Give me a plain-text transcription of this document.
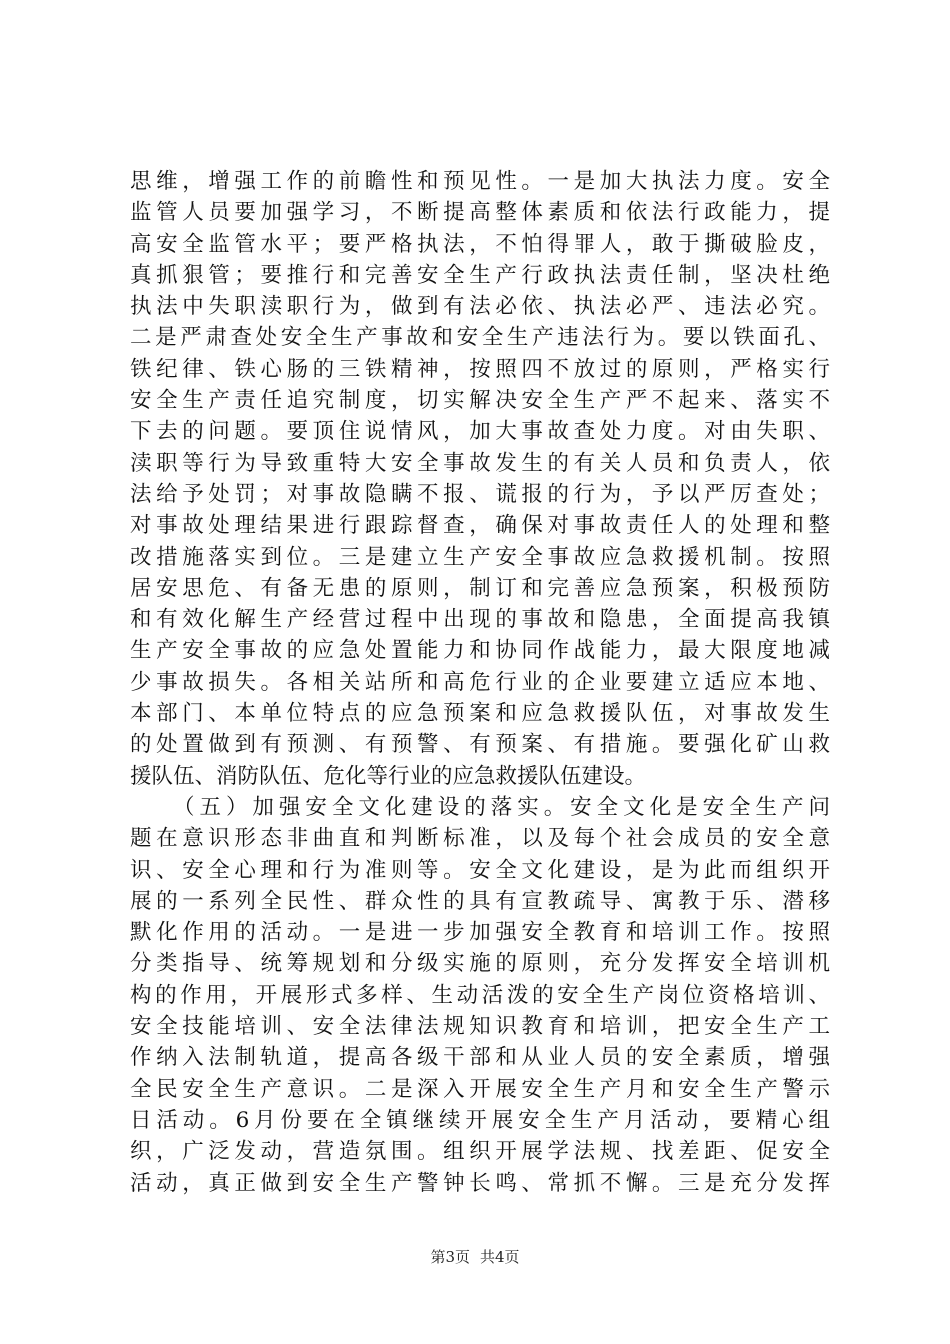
思维，增强工作的前瞻性和预见性。一是加大执法力度。安全
监管人员要加强学习，不断提高整体素质和依法行政能力，提
高安全监管水平；要严格执法，不怕得罪人，敢于撕破脸皮，
真抓狠管；要推行和完善安全生产行政执法责任制，坚决杜绝
执法中失职渎职行为，做到有法必依、执法必严、违法必究。
二是严肃查处安全生产事故和安全生产违法行为。要以铁面孔、
铁纪律、铁心肠的三铁精神，按照四不放过的原则，严格实行
安全生产责任追究制度，切实解决安全生产严不起来、落实不
下去的问题。要顶住说情风，加大事故查处力度。对由失职、
渎职等行为导致重特大安全事故发生的有关人员和负责人，依
法给予处罚；对事故隐瞒不报、谎报的行为，予以严厉查处；
对事故处理结果进行跟踪督查，确保对事故责任人的处理和整
改措施落实到位。三是建立生产安全事故应急救援机制。按照
居安思危、有备无患的原则，制订和完善应急预案，积极预防
和有效化解生产经营过程中出现的事故和隐患，全面提高我镇
生产安全事故的应急处置能力和协同作战能力，最大限度地减
少事故损失。各相关站所和高危行业的企业要建立适应本地、
本部门、本单位特点的应急预案和应急救援队伍，对事故发生
的处置做到有预测、有预警、有预案、有措施。要强化矿山救
援队伍、消防队伍、危化等行业的应急救援队伍建设。
（五）加强安全文化建设的落实。安全文化是安全生产问
题在意识形态非曲直和判断标准，以及每个社会成员的安全意
识、安全心理和行为准则等。安全文化建设，是为此而组织开
展的一系列全民性、群众性的具有宣教疏导、寓教于乐、潜移
默化作用的活动。一是进一步加强安全教育和培训工作。按照
分类指导、统筹规划和分级实施的原则，充分发挥安全培训机
构的作用，开展形式多样、生动活泼的安全生产岗位资格培训、
安全技能培训、安全法律法规知识教育和培训，把安全生产工
作纳入法制轨道，提高各级干部和从业人员的安全素质，增强
全民安全生产意识。二是深入开展安全生产月和安全生产警示
日活动。6月份要在全镇继续开展安全生产月活动，要精心组
织，广泛发动，营造氛围。组织开展学法规、找差距、促安全
活动，真正做到安全生产警钟长鸣、常抓不懈。三是充分发挥
第3页 共4页
